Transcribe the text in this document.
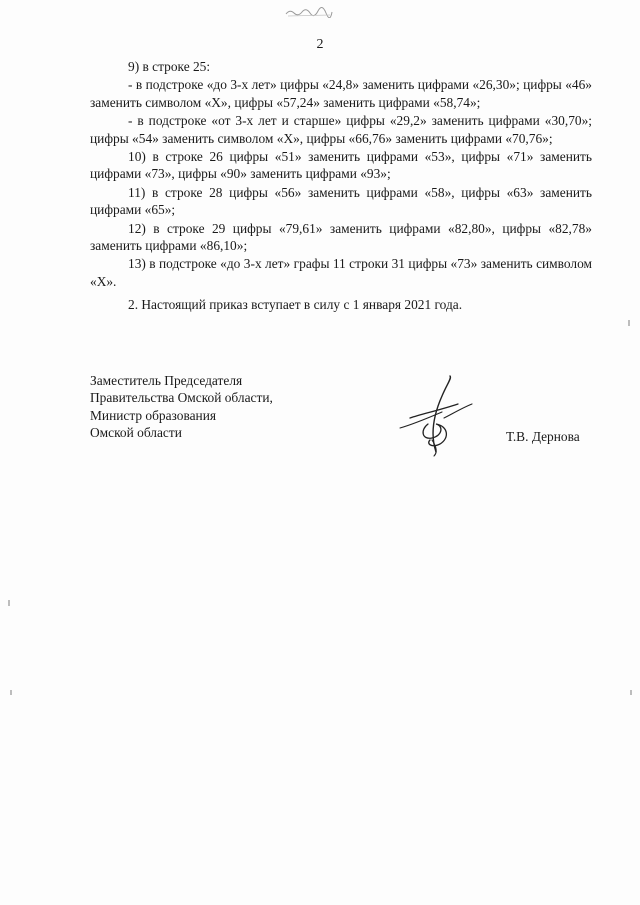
2

9) в строке 25:

- в подстроке «до 3-х лет» цифры «24,8» заменить цифрами «26,30»; цифры «46» заменить символом «Х», цифры «57,24» заменить цифрами «58,74»;

- в подстроке «от 3-х лет и старше» цифры «29,2» заменить цифрами «30,70»; цифры «54» заменить символом «Х», цифры «66,76» заменить цифрами «70,76»;

10) в строке 26 цифры «51» заменить цифрами «53», цифры «71» заменить цифрами «73», цифры «90» заменить цифрами «93»;

11) в строке 28 цифры «56» заменить цифрами «58», цифры «63» заменить цифрами «65»;

12) в строке 29 цифры «79,61» заменить цифрами «82,80», цифры «82,78» заменить цифрами «86,10»;

13) в подстроке «до 3-х лет» графы 11 строки 31 цифры «73» заменить символом «Х».

2. Настоящий приказ вступает в силу с 1 января 2021 года.

Заместитель Председателя
Правительства Омской области,
Министр образования
Омской области	Т.В. Дернова
